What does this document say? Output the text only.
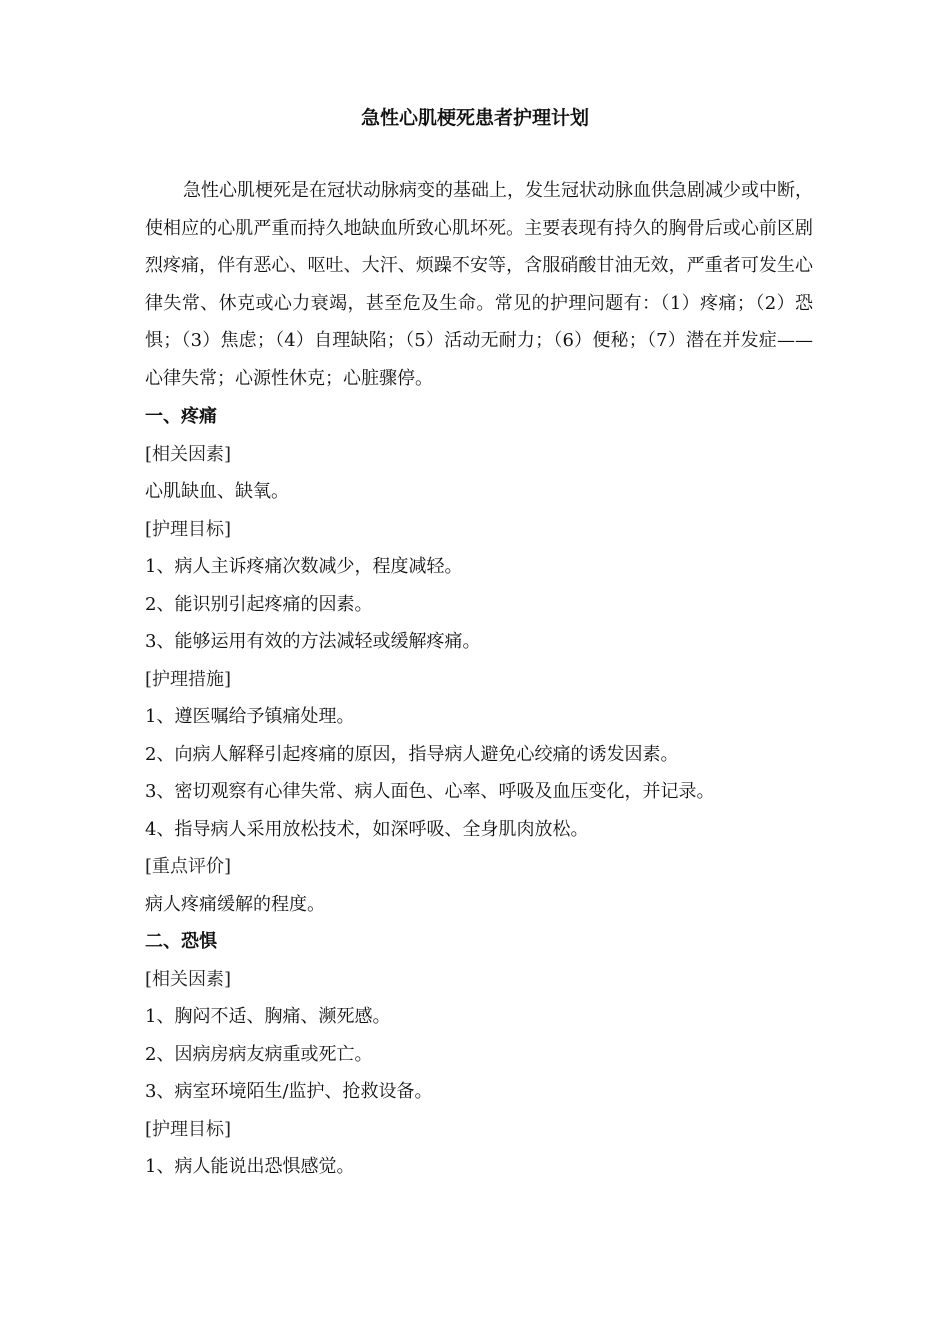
急性心肌梗死患者护理计划
急性心肌梗死是在冠状动脉病变的基础上，发生冠状动脉血供急剧减少或中断，使相应的心肌严重而持久地缺血所致心肌坏死。主要表现有持久的胸骨后或心前区剧烈疼痛，伴有恶心、呕吐、大汗、烦躁不安等，含服硝酸甘油无效，严重者可发生心律失常、休克或心力衰竭，甚至危及生命。常见的护理问题有：（1）疼痛；（2）恐惧；（3）焦虑；（4）自理缺陷；（5）活动无耐力；（6）便秘；（7）潜在并发症——心律失常；心源性休克；心脏骤停。
一、疼痛
[相关因素]
心肌缺血、缺氧。
[护理目标]
1、病人主诉疼痛次数减少，程度减轻。
2、能识别引起疼痛的因素。
3、能够运用有效的方法减轻或缓解疼痛。
[护理措施]
1、遵医嘱给予镇痛处理。
2、向病人解释引起疼痛的原因，指导病人避免心绞痛的诱发因素。
3、密切观察有心律失常、病人面色、心率、呼吸及血压变化，并记录。
4、指导病人采用放松技术，如深呼吸、全身肌肉放松。
[重点评价]
病人疼痛缓解的程度。
二、恐惧
[相关因素]
1、胸闷不适、胸痛、濒死感。
2、因病房病友病重或死亡。
3、病室环境陌生/监护、抢救设备。
[护理目标]
1、病人能说出恐惧感觉。
